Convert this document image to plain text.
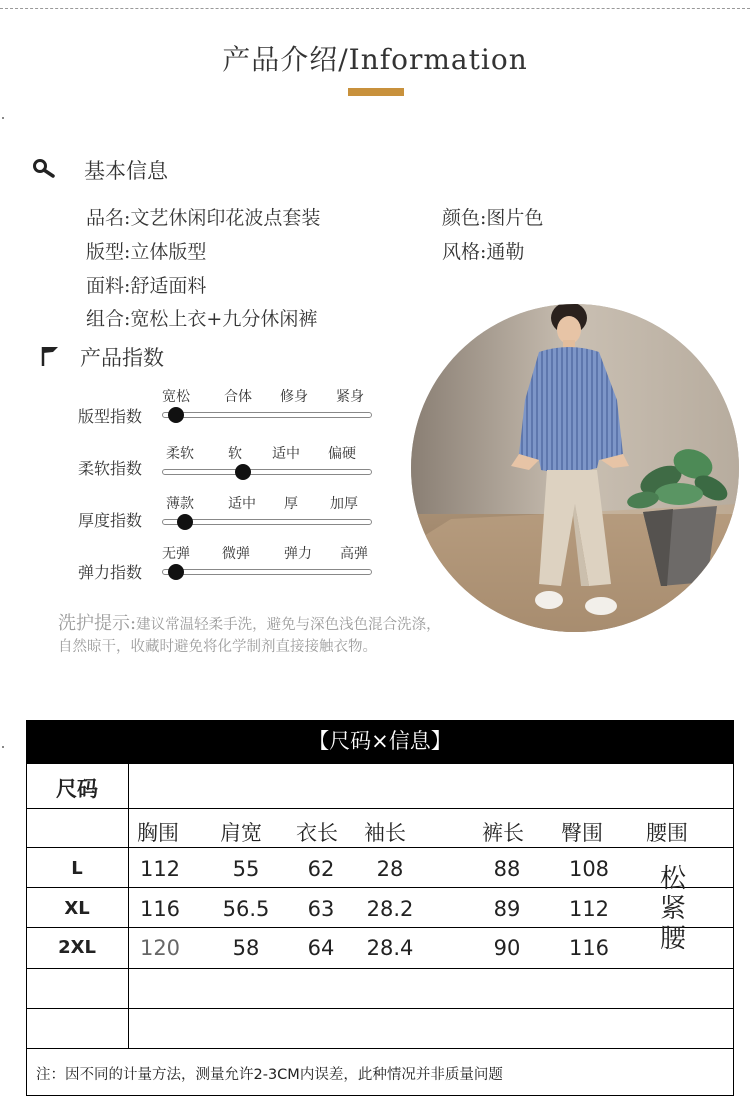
产品介绍/Information
基本信息
品名:文艺休闲印花波点套装	颜色:图片色
版型:立体版型	风格:通勒
面料:舒适面料
组合:宽松上衣+九分休闲裤
产品指数
版型指数
宽松 合体 修身 紧身
柔软指数
柔软 软 适中 偏硬
厚度指数
薄款 适中 厚 加厚
弹力指数
无弹 微弹 弹力 高弹
洗护提示:建议常温轻柔手洗，避免与深色浅色混合洗涤，
自然晾干，收藏时避免将化学制剂直接接触衣物。
【尺码×信息】
尺码
胸围 肩宽 衣长 袖长	裤长 臀围 腰围
L	112	55	62	28	88	108
XL	116	56.5	63	28.2	89	112
2XL	120	58	64	28.4	90	116
松
紧
腰
注：因不同的计量方法，测量允许2-3CM内误差，此种情况并非质量问题
